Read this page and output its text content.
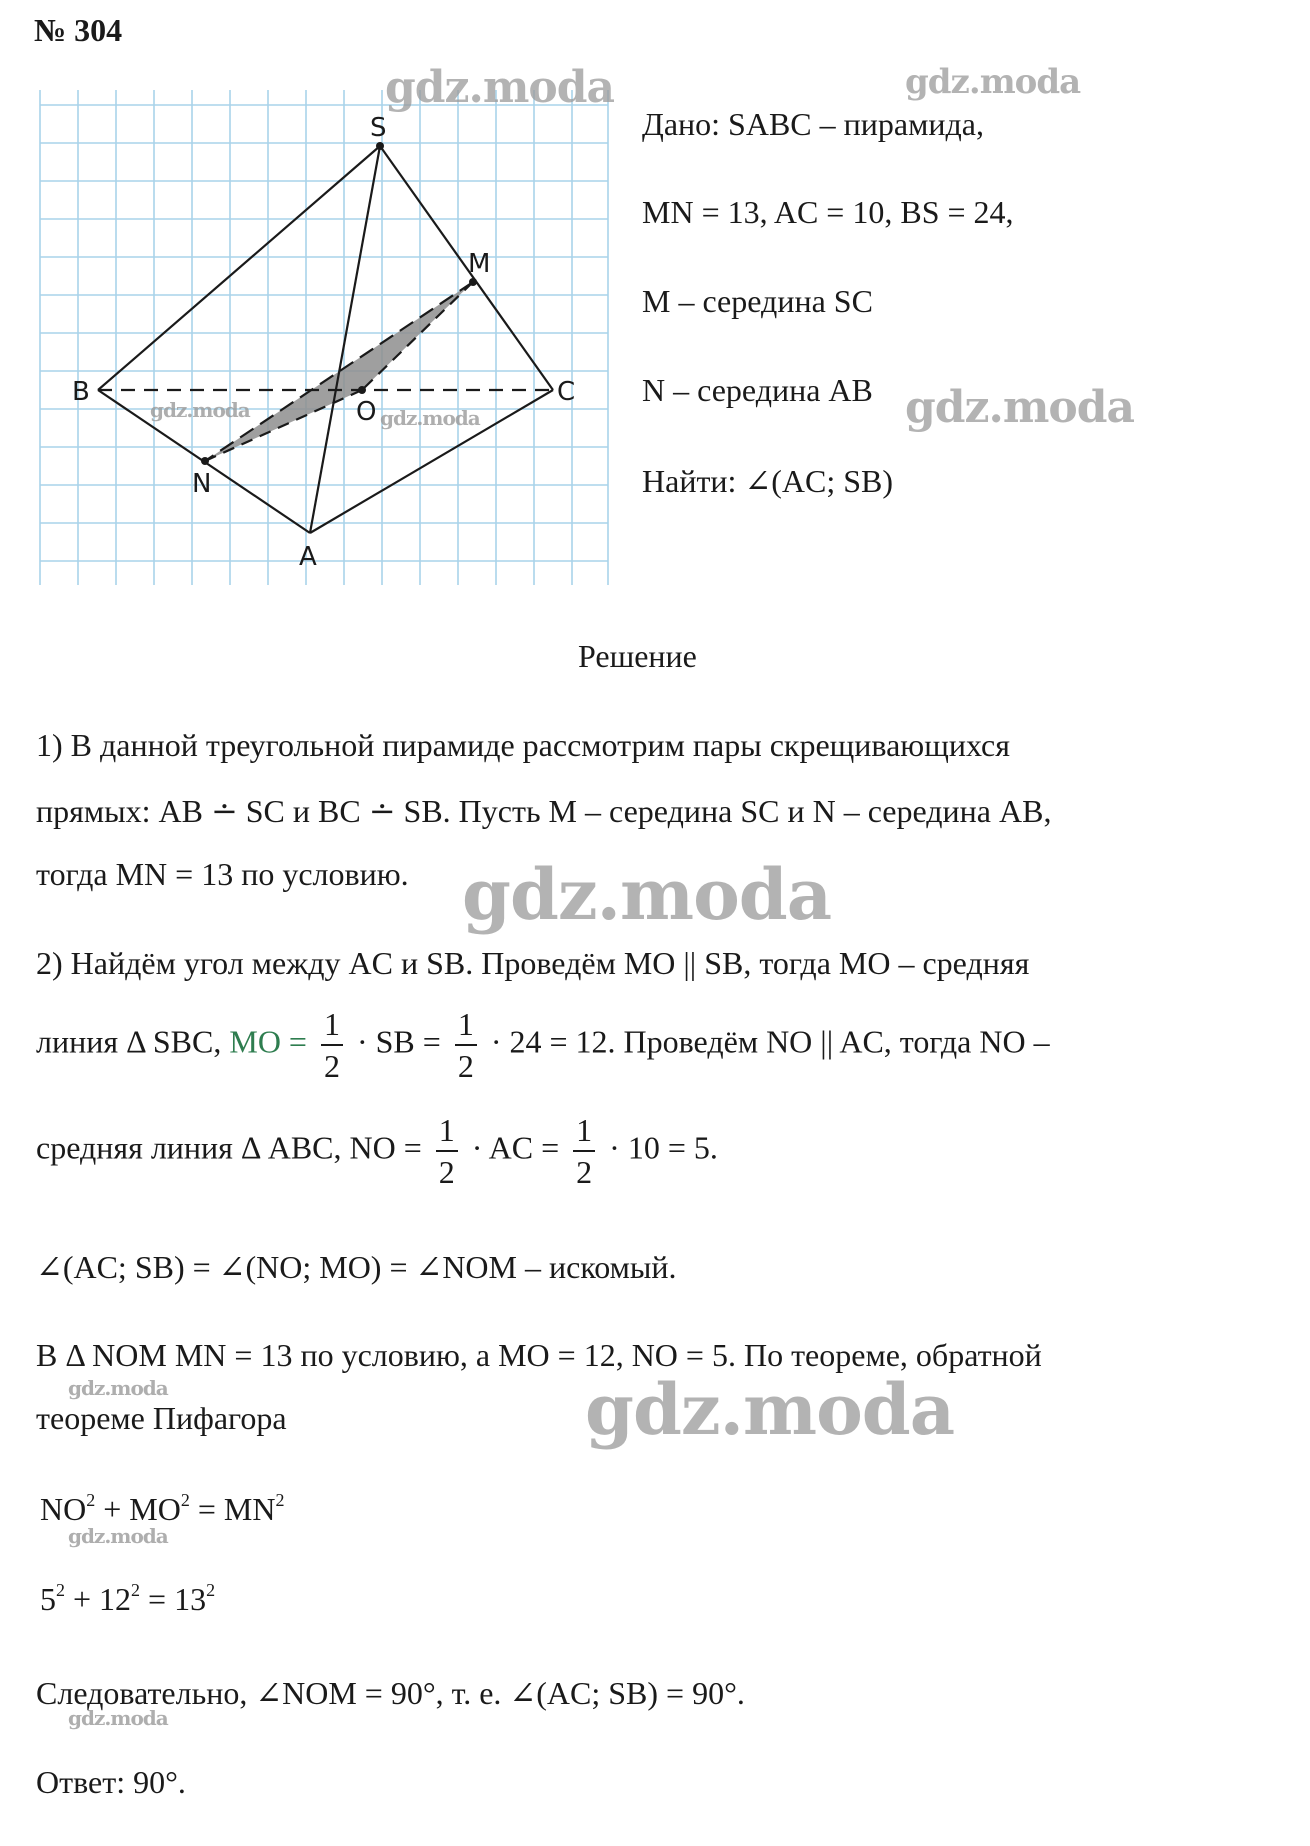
№ 304
S
M
B	C
O
N
A
gdz.moda	gdz.moda
gdz.moda
gdz.moda	gdz.moda
gdz.moda
gdz.moda
gdz.moda
gdz.moda
gdz.moda
Дано: SABC – пирамида,
MN = 13, AC = 10, BS = 24,
M – середина SC
N – середина AB
Найти: ∠(AC; SB)
Решение
1) В данной треугольной пирамиде рассмотрим пары скрещивающихся
прямых: AB ∸ SC и BC ∸ SB. Пусть M – середина SC и N – середина AB,
тогда MN = 13 по условию.
2) Найдём угол между AC и SB. Проведём MO || SB, тогда MO – средняя
линия Δ SBC, MO = $\frac{1}{2}$ · SB = $\frac{1}{2} \cdot 24 = 12$. Проведём NO || AC, тогда NO –
средняя линия Δ ABC, NO = $\frac{1}{2}$ · AC = $\frac{1}{2} \cdot 10 = 5$.
∠(AC; SB) = ∠(NO; MO) = ∠NOM – искомый.
В Δ NOM MN = 13 по условию, а MO = 12, NO = 5. По теореме, обратной
теореме Пифагора
$NO^2 + MO^2 = MN^2$
$5^2 + 12^2 = 13^2$
Следовательно, ∠NOM = 90°, т. е. ∠(AC; SB) = 90°.
Ответ: 90°.
